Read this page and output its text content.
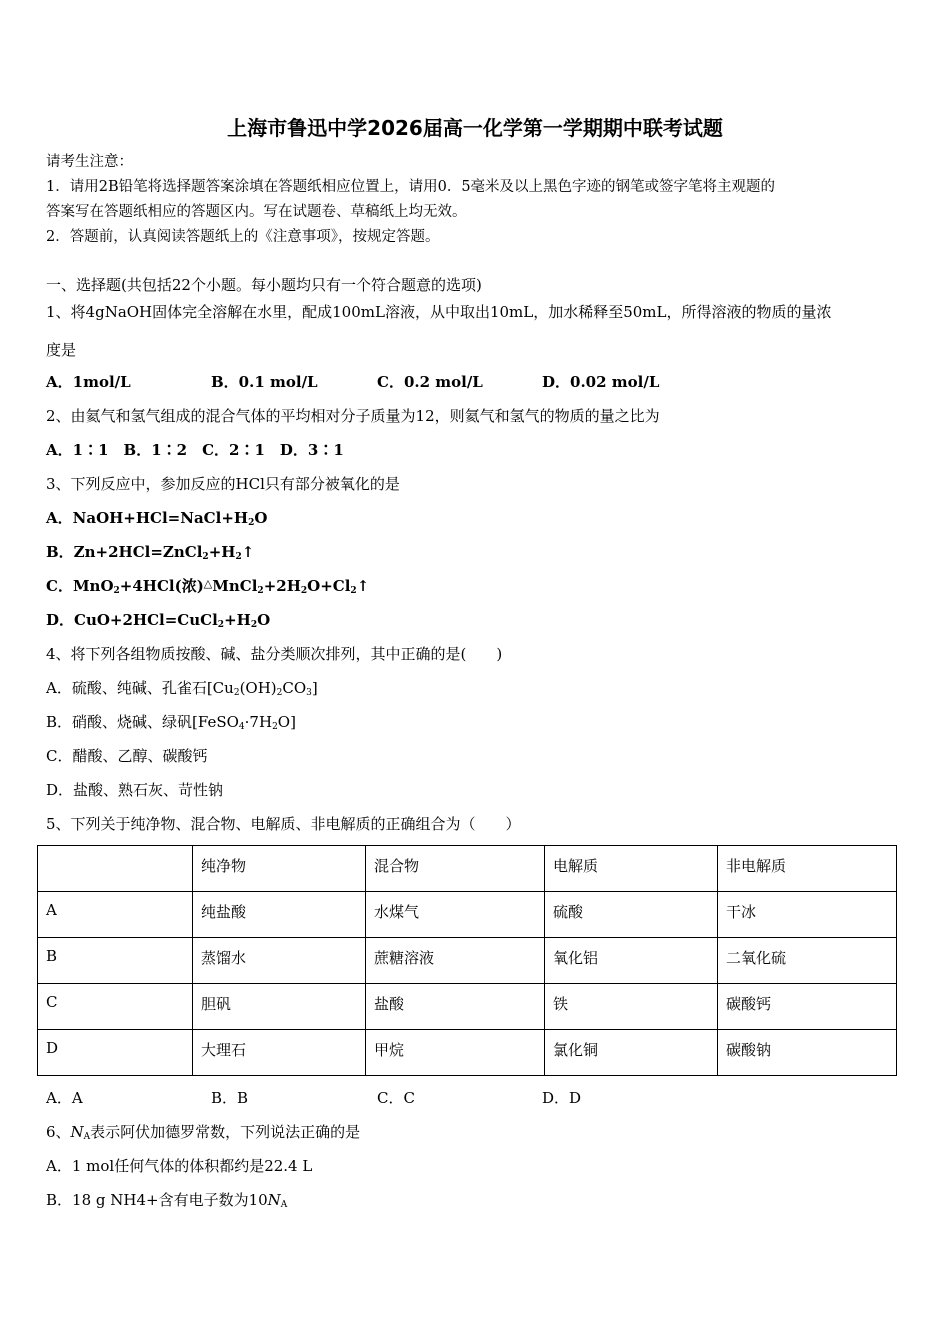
上海市鲁迅中学2026届高一化学第一学期期中联考试题
请考生注意：
1．请用2B铅笔将选择题答案涂填在答题纸相应位置上，请用0．5毫米及以上黑色字迹的钢笔或签字笔将主观题的
答案写在答题纸相应的答题区内。写在试题卷、草稿纸上均无效。
2．答题前，认真阅读答题纸上的《注意事项》，按规定答题。
一、选择题(共包括22个小题。每小题均只有一个符合题意的选项)
1、将4gNaOH固体完全溶解在水里，配成100mL溶液，从中取出10mL，加水稀释至50mL，所得溶液的物质的量浓
度是
A．1mol/L	B．0.1 mol/L	C．0.2 mol/L	D．0.02 mol/L
2、由氦气和氢气组成的混合气体的平均相对分子质量为12，则氦气和氢气的物质的量之比为
A．1∶1　B．1∶2　C．2∶1　D．3∶1
3、下列反应中，参加反应的HCl只有部分被氧化的是
A．$NaOH+HCl=NaCl+H_2O$
B．$Zn+2HCl=ZnCl_2+H_2↑$
C．MnO$_2$+4HCl(浓)$^\triangle MnCl_2+2H_2O+Cl_2↑$
D．$CuO+2HCl=CuCl_2+H_2O$
4、将下列各组物质按酸、碱、盐分类顺次排列，其中正确的是(　　)
A．硫酸、纯碱、孔雀石$[Cu_2(OH)_2CO_3]$
B．硝酸、烧碱、绿矾$[FeSO_4\cdot 7H_2O]$
C．醋酸、乙醇、碳酸钙
D．盐酸、熟石灰、苛性钠
5、下列关于纯净物、混合物、电解质、非电解质的正确组合为（　　）
	纯净物	混合物	电解质	非电解质
A	纯盐酸	水煤气	硫酸	干冰
B	蒸馏水	蔗糖溶液	氧化铝	二氧化硫
C	胆矾	盐酸	铁	碳酸钙
D	大理石	甲烷	氯化铜	碳酸钠
A．A	B．B	C．C	D．D
6、$N_A$表示阿伏加德罗常数，下列说法正确的是
A．1 mol任何气体的体积都约是22.4 L
B．18 g NH4+含有电子数为$10N_A$
